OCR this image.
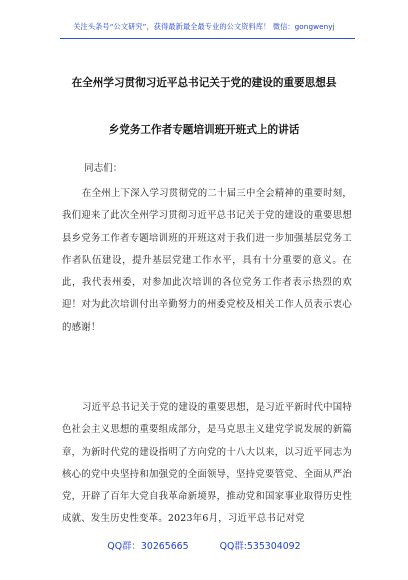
关注头条号“公文研究”，获得最新最全最专业的公文资料库！ 微信：gongwenyj
在全州学习贯彻习近平总书记关于党的建设的重要思想县
乡党务工作者专题培训班开班式上的讲话
同志们：
在全州上下深入学习贯彻党的二十届三中全会精神的重要时刻，我们迎来了此次全州学习贯彻习近平总书记关于党的建设的重要思想县乡党务工作者专题培训班的开班这对于我们进一步加强基层党务工作者队伍建设，提升基层党建工作水平，具有十分重要的意义。在此，我代表州委，对参加此次培训的各位党务工作者表示热烈的欢迎！对为此次培训付出辛勤努力的州委党校及相关工作人员表示衷心的感谢！
习近平总书记关于党的建设的重要思想，是习近平新时代中国特色社会主义思想的重要组成部分，是马克思主义建党学说发展的新篇章，为新时代党的建设指明了方向党的十八大以来，以习近平同志为核心的党中央坚持和加强党的全面领导，坚持党要管党、全面从严治党，开辟了百年大党自我革命新境界，推动党和国家事业取得历史性成就、发生历史性变革。2023年6月，习近平总书记对党
QQ群：30265665	QQ群:535304092
